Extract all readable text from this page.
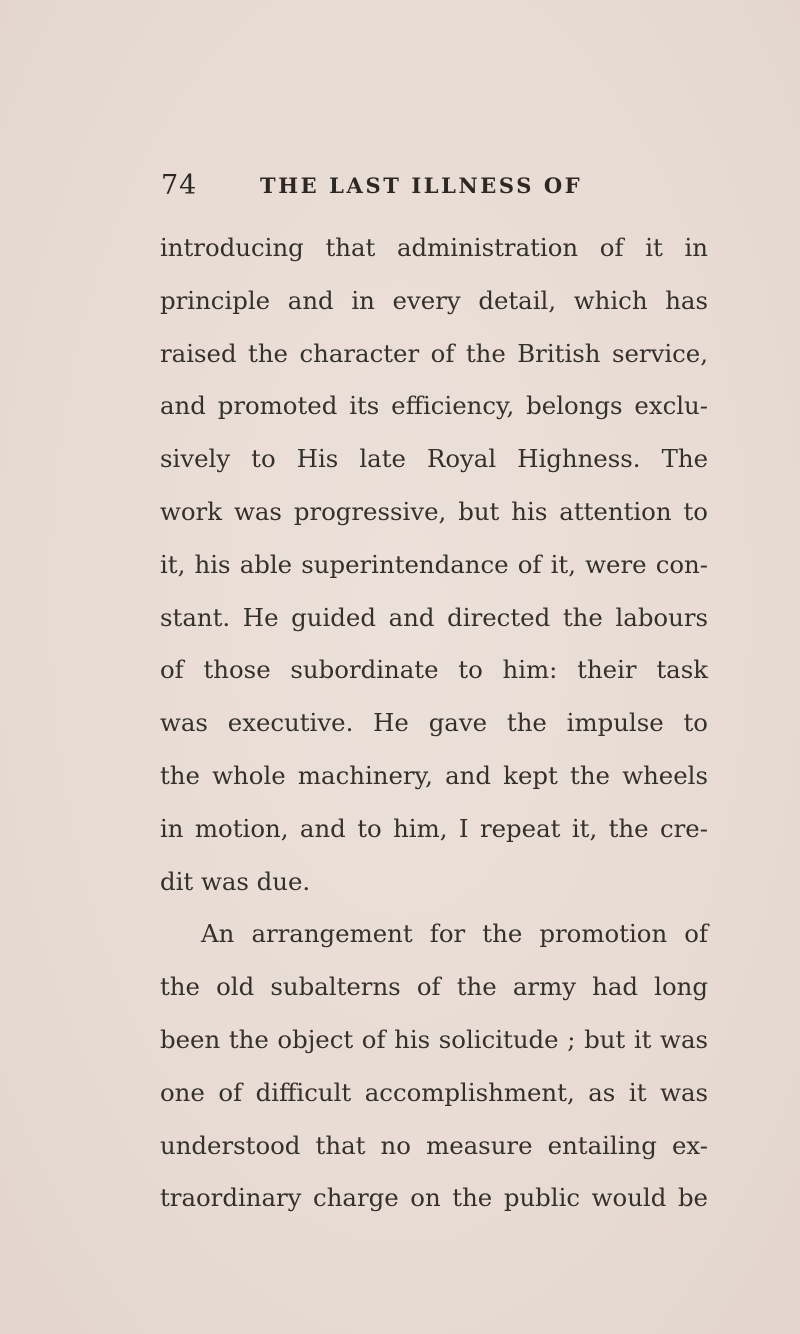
74	THE LAST ILLNESS OF
introducing that administration of it in
principle and in every detail, which has
raised the character of the British service,
and promoted its efficiency, belongs exclu-
sively to His late Royal Highness. The
work was progressive, but his attention to
it, his able superintendance of it, were con-
stant. He guided and directed the labours
of those subordinate to him: their task
was executive. He gave the impulse to
the whole machinery, and kept the wheels
in motion, and to him, I repeat it, the cre-
dit was due.
An arrangement for the promotion of
the old subalterns of the army had long
been the object of his solicitude ; but it was
one of difficult accomplishment, as it was
understood that no measure entailing ex-
traordinary charge on the public would be
